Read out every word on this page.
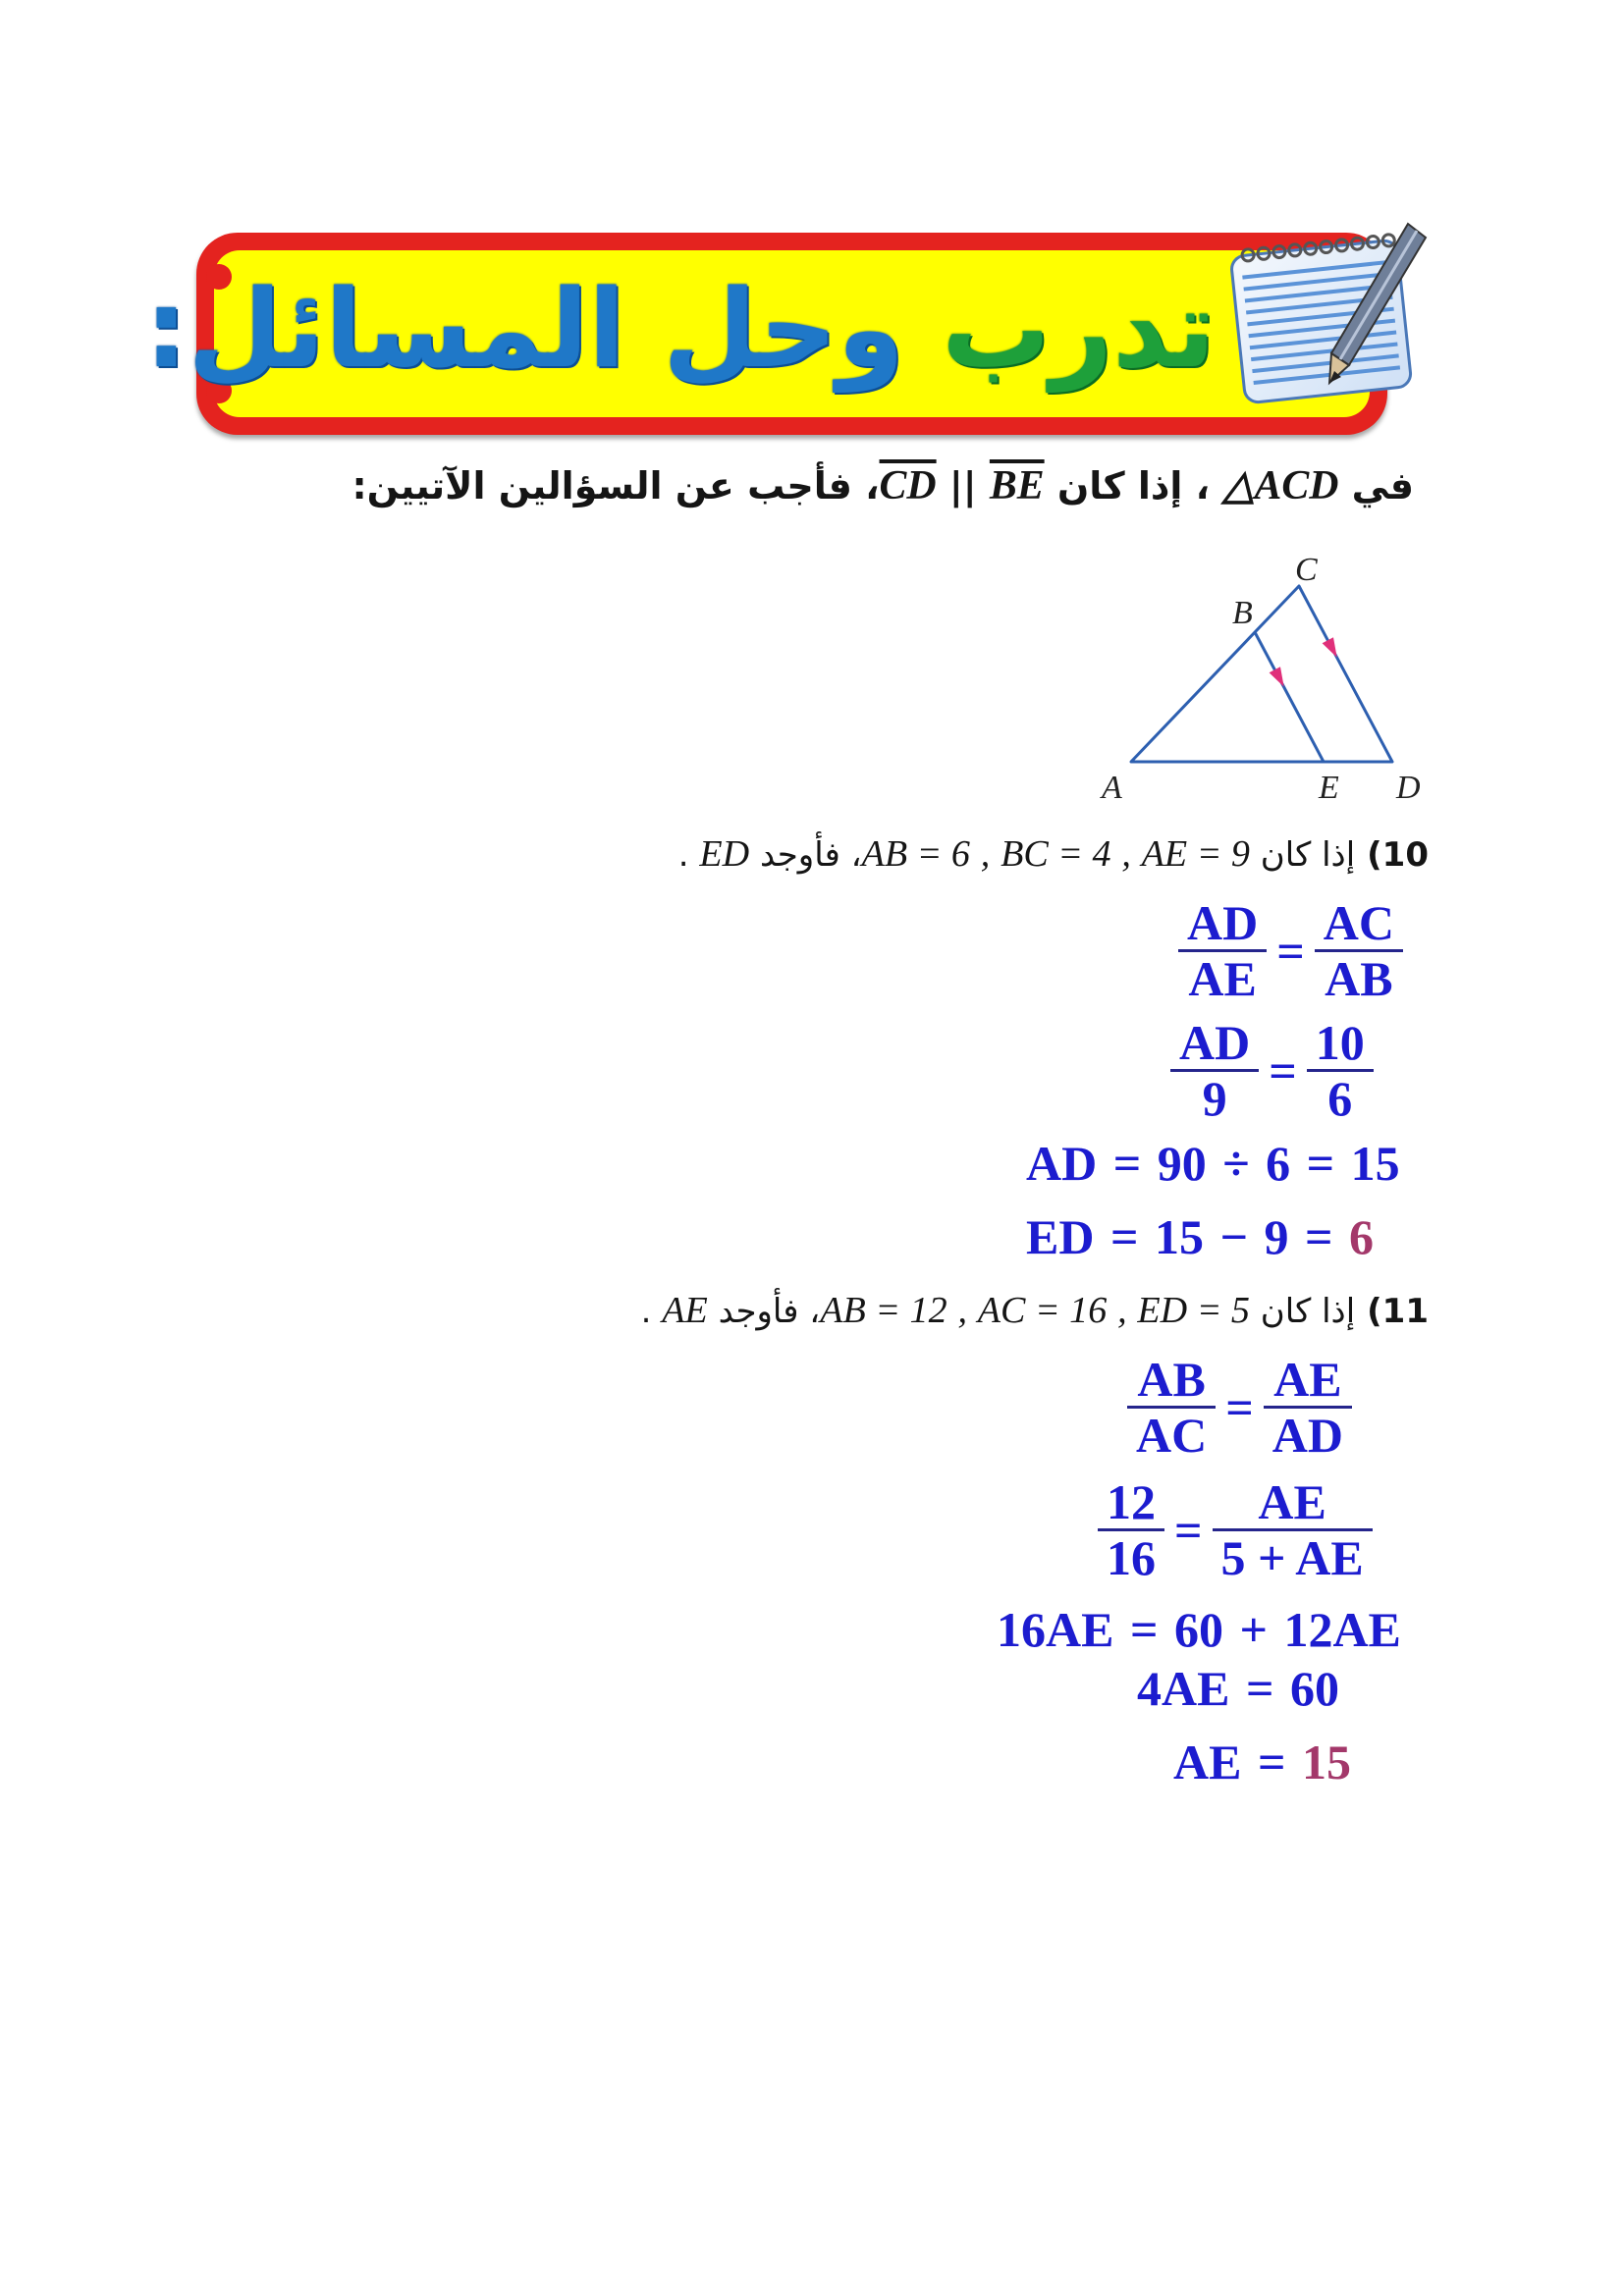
تدرب وحل المسائل:
في △ACD ، إذا كان $\overline{BE}$ || $\overline{CD}،$ فأجب عن السؤالين الآتيين:
C
B
A	E D
(10إذا كان AE = 9 , BC = 4 , AB = 6، فأوجد ED .
$\frac{AD}{AE} = \frac{AC}{AB}$
$\frac{AD}{9} = \frac{10}{6}$
AD = 90 ÷ 6 = 15
ED = 15 − 9 = 6
(11إذا كان ED = 5 , AC = 16 , AB = 12، فأوجد AE .
$\frac{AB}{AC} = \frac{AE}{AD}$
$\frac{12}{16} = \frac{AE}{5 + AE}$
16AE = 60 + 12AE
4AE = 60
AE = 15
